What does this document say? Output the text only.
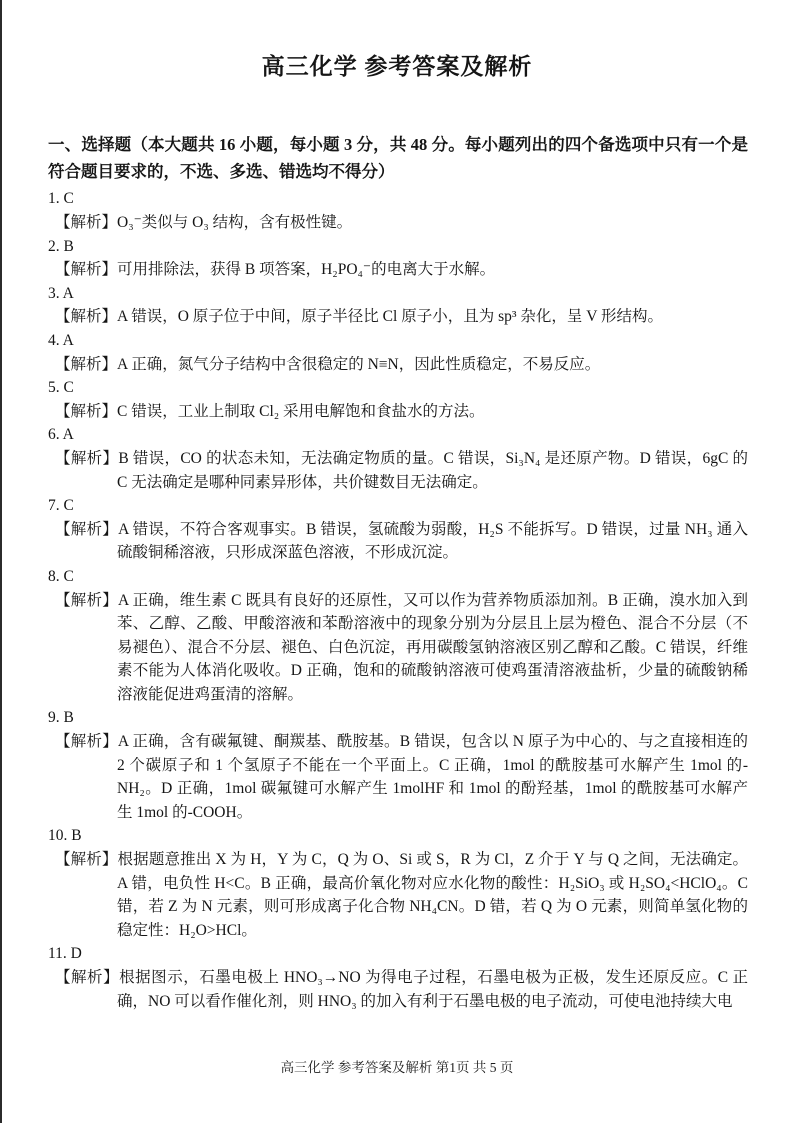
高三化学 参考答案及解析

一、选择题（本大题共 16 小题，每小题 3 分，共 48 分。每小题列出的四个备选项中只有一个是符合题目要求的，不选、多选、错选均不得分）

1. C

【解析】O₃⁻类似与 O₃ 结构，含有极性键。

2. B

【解析】可用排除法，获得 B 项答案，H₂PO₄⁻的电离大于水解。

3. A

【解析】A 错误，O 原子位于中间，原子半径比 Cl 原子小，且为 sp³ 杂化，呈 V 形结构。

4. A

【解析】A 正确，氮气分子结构中含很稳定的 N≡N，因此性质稳定，不易反应。

5. C

【解析】C 错误，工业上制取 Cl₂ 采用电解饱和食盐水的方法。

6. A

【解析】B 错误，CO 的状态未知，无法确定物质的量。C 错误，Si₃N₄ 是还原产物。D 错误，6gC 的 C 无法确定是哪种同素异形体，共价键数目无法确定。

7. C

【解析】A 错误，不符合客观事实。B 错误，氢硫酸为弱酸，H₂S 不能拆写。D 错误，过量 NH₃ 通入硫酸铜稀溶液，只形成深蓝色溶液，不形成沉淀。

8. C

【解析】A 正确，维生素 C 既具有良好的还原性，又可以作为营养物质添加剂。B 正确，溴水加入到苯、乙醇、乙酸、甲酸溶液和苯酚溶液中的现象分别为分层且上层为橙色、混合不分层（不易褪色）、混合不分层、褪色、白色沉淀，再用碳酸氢钠溶液区别乙醇和乙酸。C 错误，纤维素不能为人体消化吸收。D 正确，饱和的硫酸钠溶液可使鸡蛋清溶液盐析，少量的硫酸钠稀溶液能促进鸡蛋清的溶解。

9. B

【解析】A 正确，含有碳氟键、酮羰基、酰胺基。B 错误，包含以 N 原子为中心的、与之直接相连的 2 个碳原子和 1 个氢原子不能在一个平面上。C 正确，1mol 的酰胺基可水解产生 1mol 的-NH₂。D 正确，1mol 碳氟键可水解产生 1molHF 和 1mol 的酚羟基，1mol 的酰胺基可水解产生 1mol 的-COOH。

10. B

【解析】根据题意推出 X 为 H，Y 为 C，Q 为 O、Si 或 S，R 为 Cl，Z 介于 Y 与 Q 之间，无法确定。A 错，电负性 H<C。B 正确，最高价氧化物对应水化物的酸性：H₂SiO₃ 或 H₂SO₄<HClO₄。C 错，若 Z 为 N 元素，则可形成离子化合物 NH₄CN。D 错，若 Q 为 O 元素，则简单氢化物的稳定性：H₂O>HCl。

11. D

【解析】根据图示，石墨电极上 HNO₃→NO 为得电子过程，石墨电极为正极，发生还原反应。C 正确，NO 可以看作催化剂，则 HNO₃ 的加入有利于石墨电极的电子流动，可使电池持续大电

高三化学 参考答案及解析 第1页 共 5 页
